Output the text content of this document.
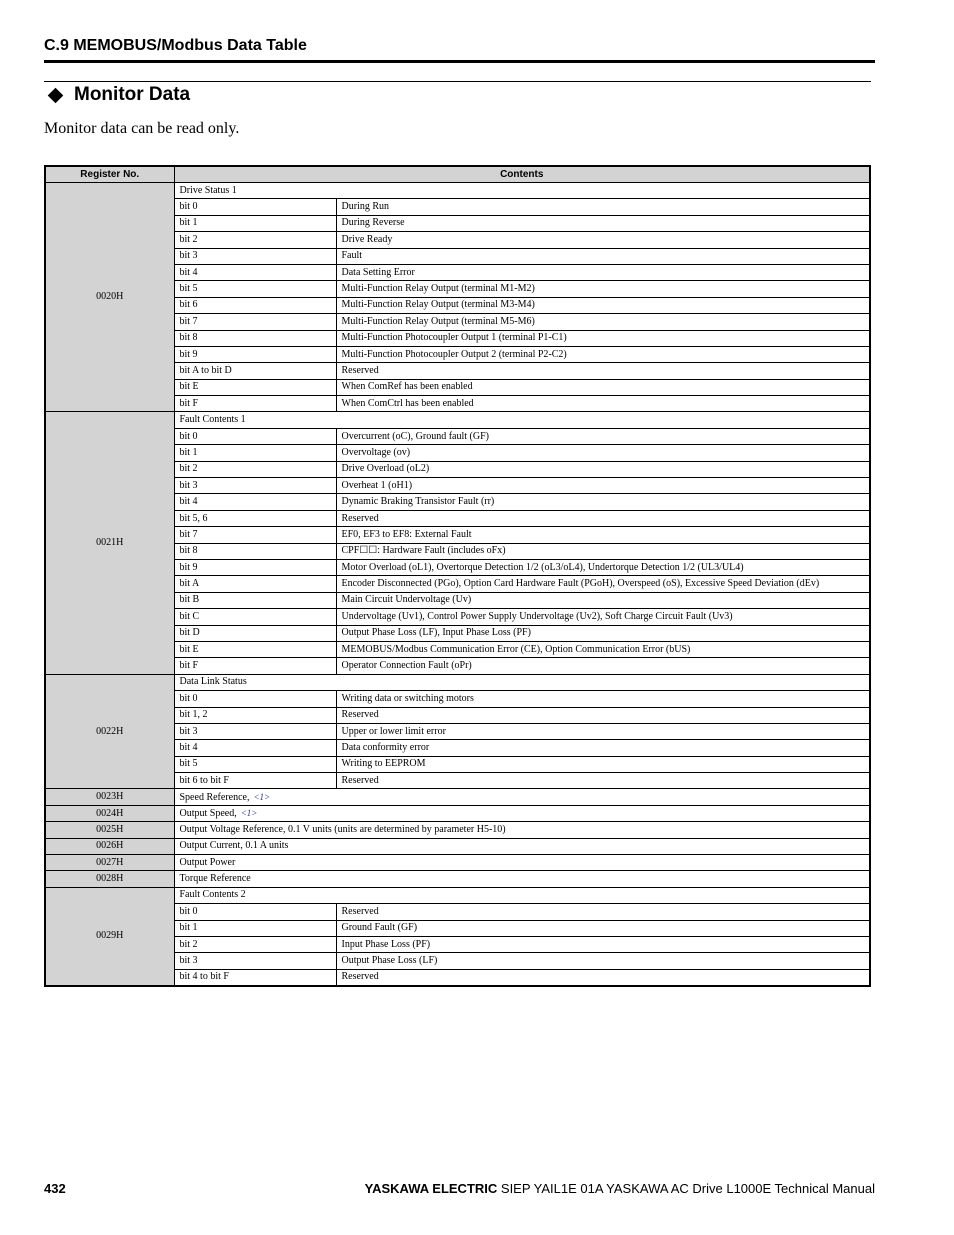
C.9 MEMOBUS/Modbus Data Table
Monitor Data
Monitor data can be read only.
Register No.	Contents	
0020H	Drive Status 1	
	bit 0	During Run
	bit 1	During Reverse
	bit 2	Drive Ready
	bit 3	Fault
	bit 4	Data Setting Error
	bit 5	Multi-Function Relay Output (terminal M1-M2)
	bit 6	Multi-Function Relay Output (terminal M3-M4)
	bit 7	Multi-Function Relay Output (terminal M5-M6)
	bit 8	Multi-Function Photocoupler Output 1 (terminal P1-C1)
	bit 9	Multi-Function Photocoupler Output 2 (terminal P2-C2)
	bit A to bit D	Reserved
	bit E	When ComRef has been enabled
	bit F	When ComCtrl has been enabled
0021H	Fault Contents 1	
	bit 0	Overcurrent (oC), Ground fault (GF)
	bit 1	Overvoltage (ov)
	bit 2	Drive Overload (oL2)
	bit 3	Overheat 1 (oH1)
	bit 4	Dynamic Braking Transistor Fault (rr)
	bit 5, 6	Reserved
	bit 7	EF0, EF3 to EF8: External Fault
	bit 8	CPF☐☐: Hardware Fault (includes oFx)
	bit 9	Motor Overload (oL1), Overtorque Detection 1/2 (oL3/oL4), Undertorque Detection 1/2 (UL3/UL4)
	bit A	Encoder Disconnected (PGo), Option Card Hardware Fault (PGoH), Overspeed (oS), Excessive Speed Deviation (dEv)
	bit B	Main Circuit Undervoltage (Uv)
	bit C	Undervoltage (Uv1), Control Power Supply Undervoltage (Uv2), Soft Charge Circuit Fault (Uv3)
	bit D	Output Phase Loss (LF), Input Phase Loss (PF)
	bit E	MEMOBUS/Modbus Communication Error (CE), Option Communication Error (bUS)
	bit F	Operator Connection Fault (oPr)
0022H	Data Link Status	
	bit 0	Writing data or switching motors
	bit 1, 2	Reserved
	bit 3	Upper or lower limit error
	bit 4	Data conformity error
	bit 5	Writing to EEPROM
	bit 6 to bit F	Reserved
0023H	Speed Reference, <1>	
0024H	Output Speed, <1>	
0025H	Output Voltage Reference, 0.1 V units (units are determined by parameter H5-10)	
0026H	Output Current, 0.1 A units	
0027H	Output Power	
0028H	Torque Reference	
0029H	Fault Contents 2	
	bit 0	Reserved
	bit 1	Ground Fault (GF)
	bit 2	Input Phase Loss (PF)
	bit 3	Output Phase Loss (LF)
	bit 4 to bit F	Reserved
432	YASKAWA ELECTRIC SIEP YAIL1E 01A YASKAWA AC Drive L1000E Technical Manual
